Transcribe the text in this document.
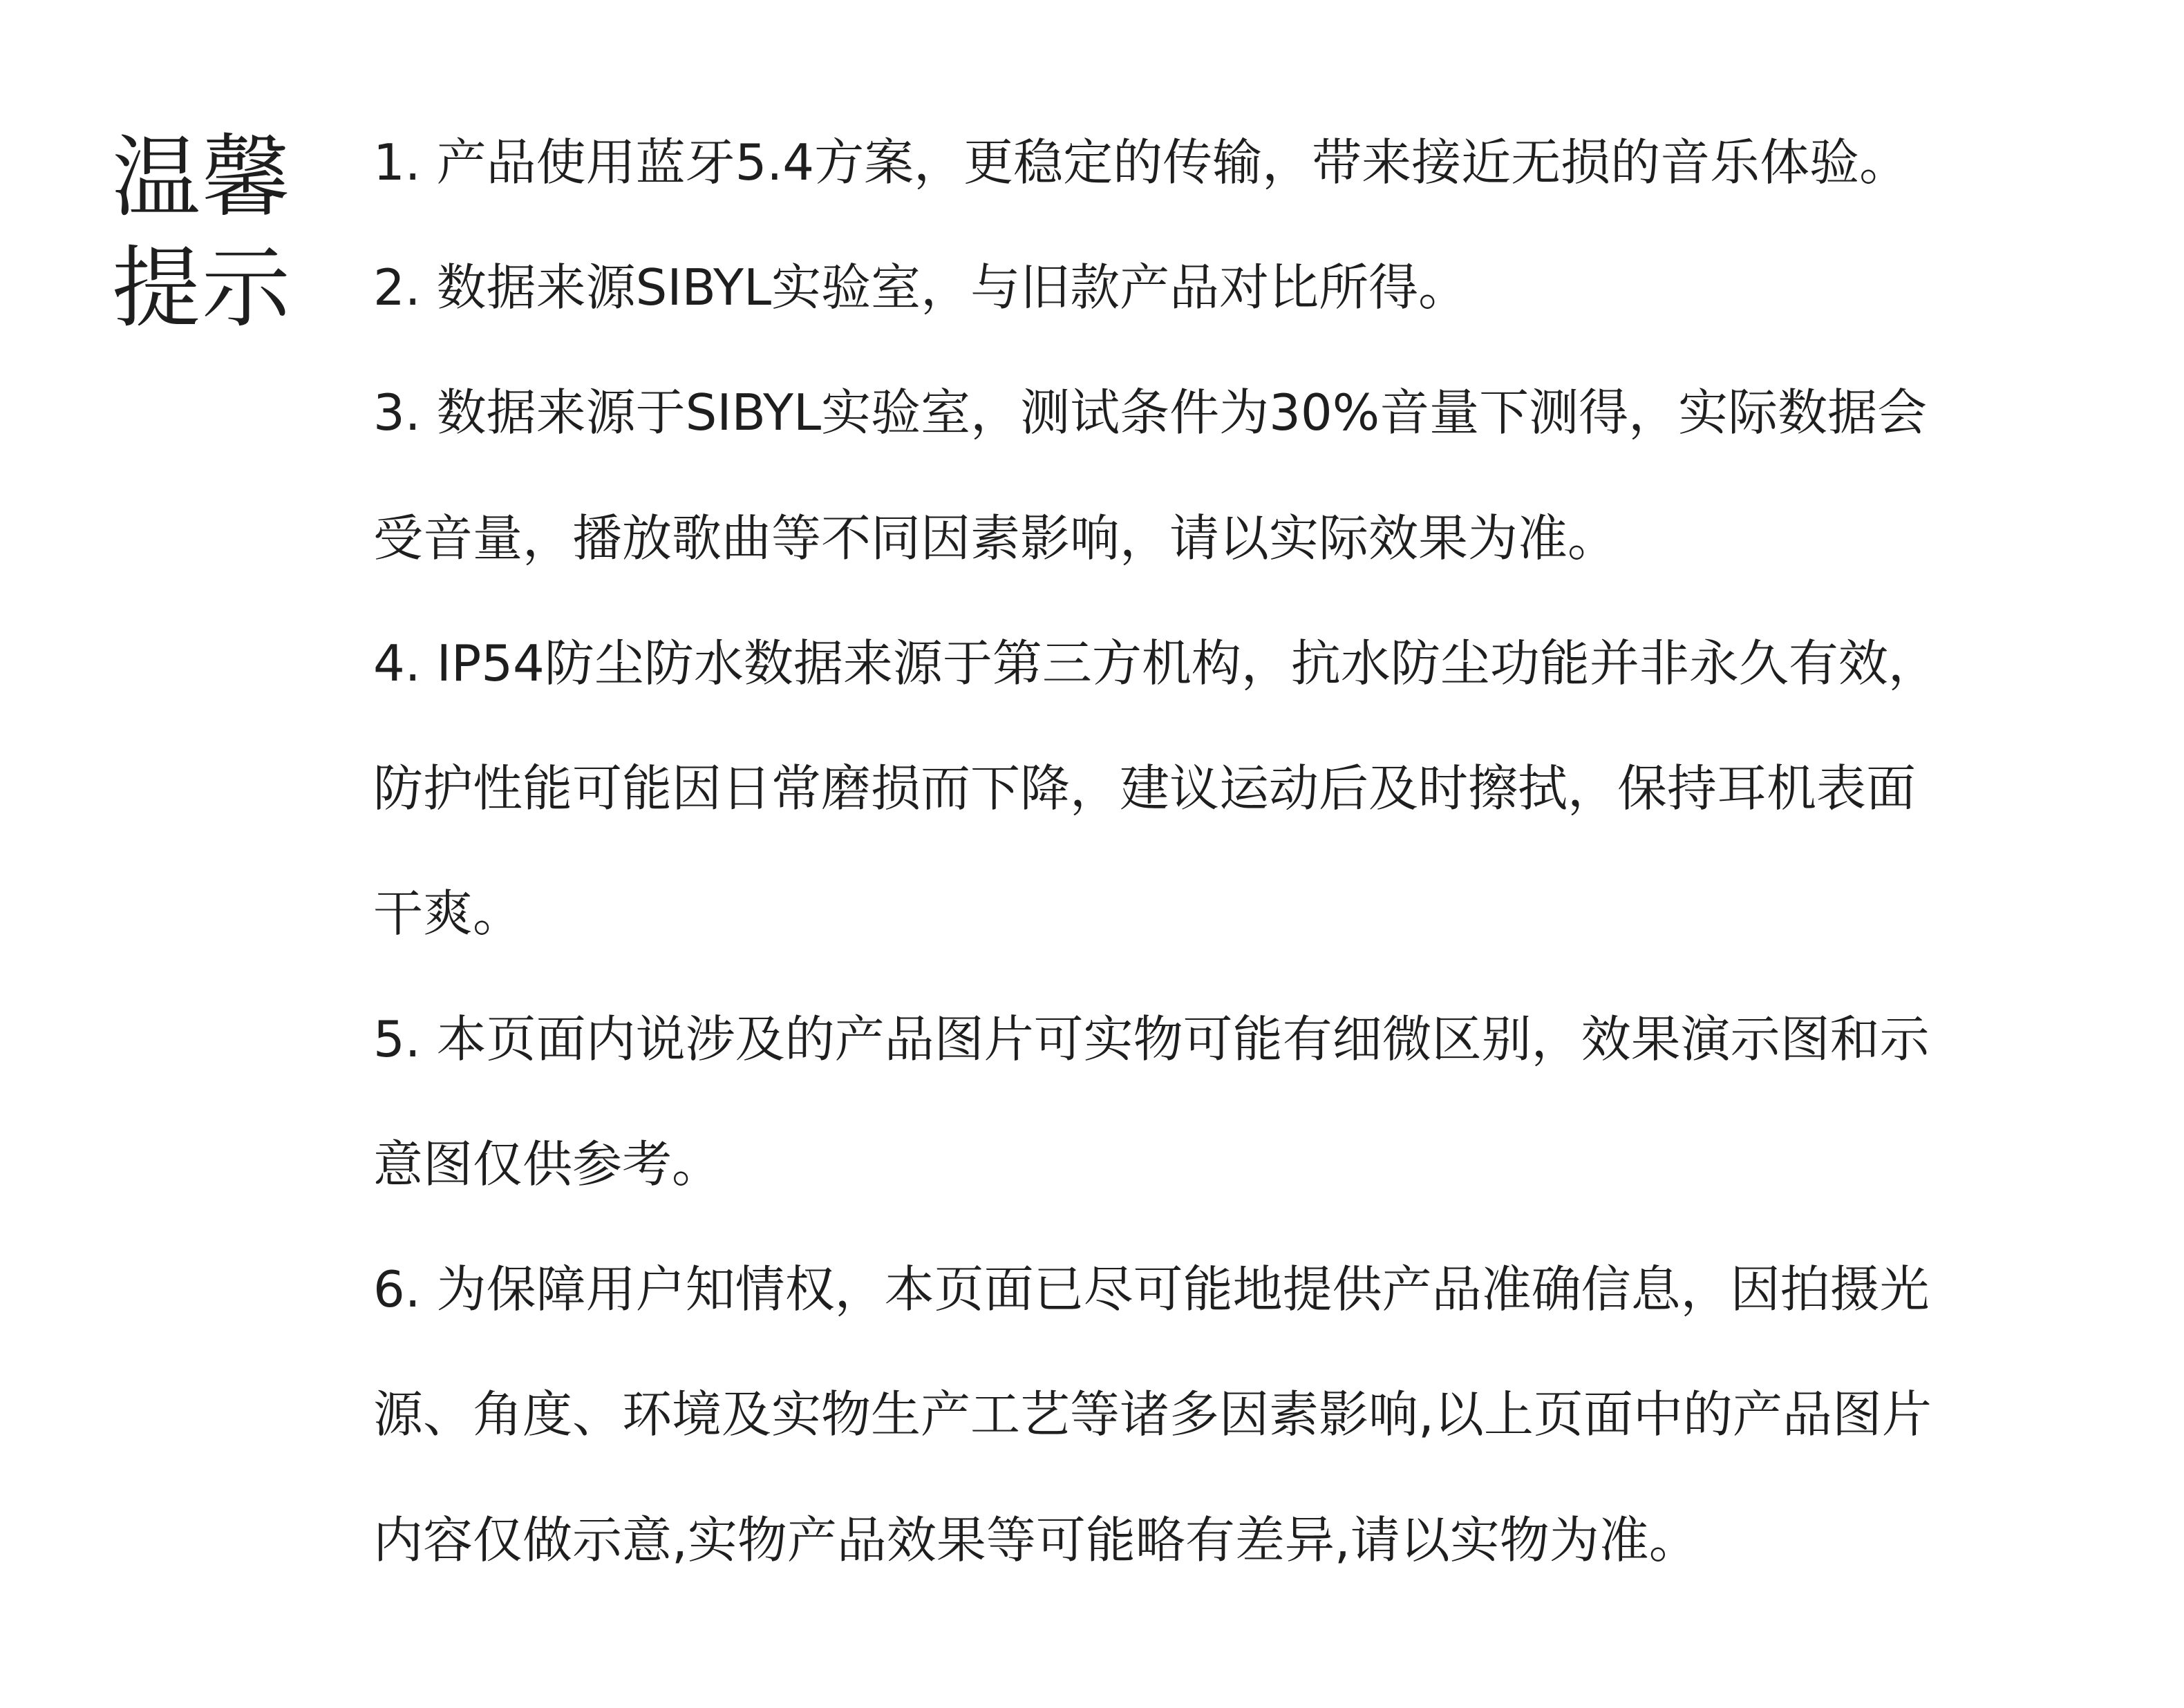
温馨
提示
1. 产品使用蓝牙5.4方案，更稳定的传输，带来接近无损的音乐体验。
2. 数据来源SIBYL实验室，与旧款产品对比所得。
3. 数据来源于SIBYL实验室，测试条件为30%音量下测得，实际数据会
受音量，播放歌曲等不同因素影响，请以实际效果为准。
4. IP54防尘防水数据来源于第三方机构，抗水防尘功能并非永久有效，
防护性能可能因日常磨损而下降，建议运动后及时擦拭，保持耳机表面
干爽。
5. 本页面内说涉及的产品图片可实物可能有细微区别，效果演示图和示
意图仅供参考。
6. 为保障用户知情权，本页面已尽可能地提供产品准确信息，因拍摄光
源、角度、环境及实物生产工艺等诸多因素影响,以上页面中的产品图片
内容仅做示意,实物产品效果等可能略有差异,请以实物为准。
